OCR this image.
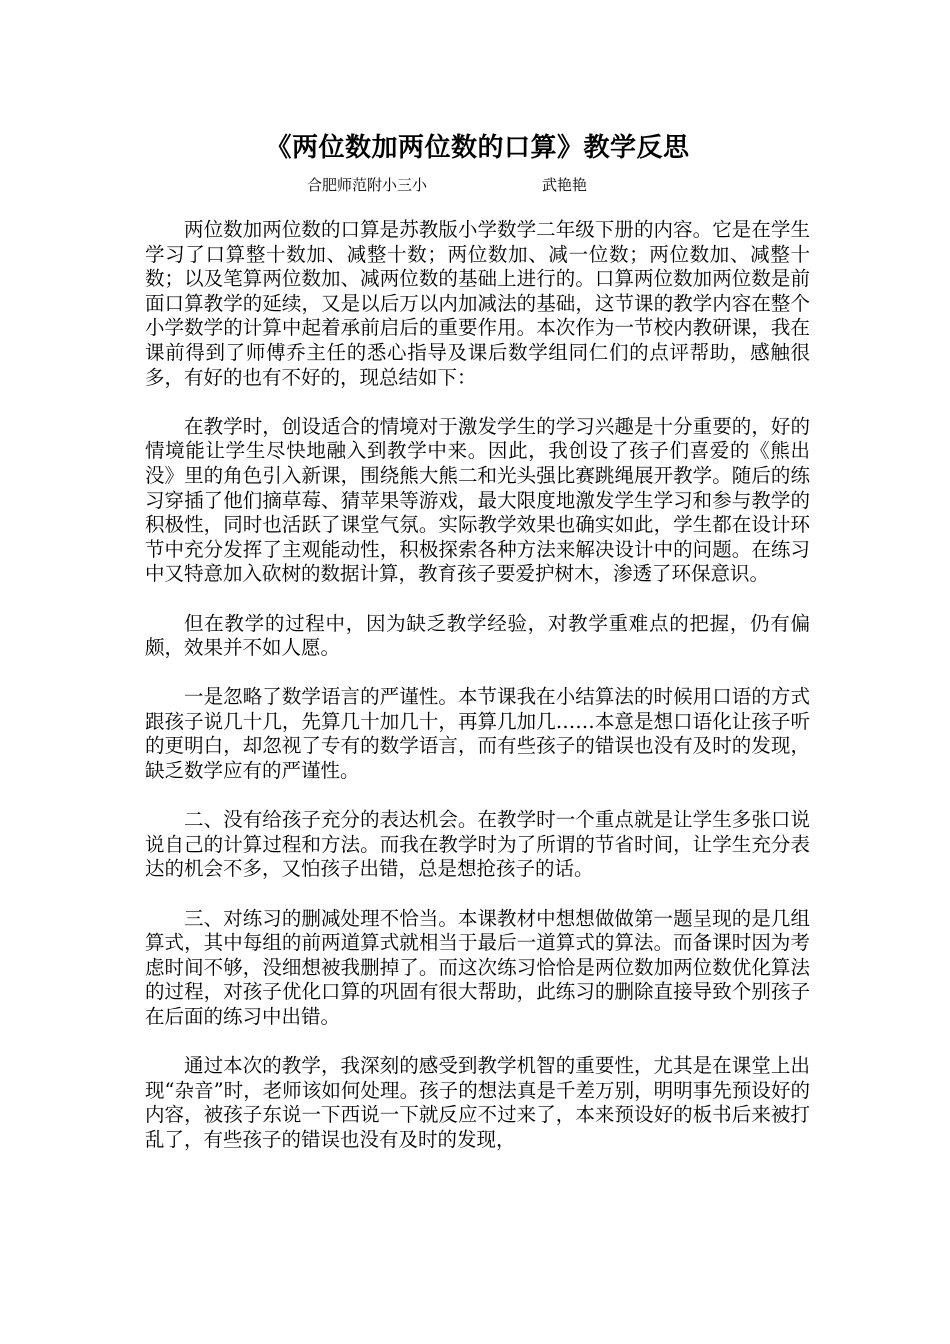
《两位数加两位数的口算》教学反思
合肥师范附小三小	武艳艳

两位数加两位数的口算是苏教版小学数学二年级下册的内容。它是在学生学习了口算整十数加、减整十数；两位数加、减一位数；两位数加、减整十数；以及笔算两位数加、减两位数的基础上进行的。口算两位数加两位数是前面口算教学的延续，又是以后万以内加减法的基础，这节课的教学内容在整个小学数学的计算中起着承前启后的重要作用。本次作为一节校内教研课，我在课前得到了师傅乔主任的悉心指导及课后数学组同仁们的点评帮助，感触很多，有好的也有不好的，现总结如下：

在教学时，创设适合的情境对于激发学生的学习兴趣是十分重要的，好的情境能让学生尽快地融入到教学中来。因此，我创设了孩子们喜爱的《熊出没》里的角色引入新课，围绕熊大熊二和光头强比赛跳绳展开教学。随后的练习穿插了他们摘草莓、猜苹果等游戏，最大限度地激发学生学习和参与教学的积极性，同时也活跃了课堂气氛。实际教学效果也确实如此，学生都在设计环节中充分发挥了主观能动性，积极探索各种方法来解决设计中的问题。在练习中又特意加入砍树的数据计算，教育孩子要爱护树木，渗透了环保意识。

但在教学的过程中，因为缺乏教学经验，对教学重难点的把握，仍有偏颇，效果并不如人愿。

一是忽略了数学语言的严谨性。本节课我在小结算法的时候用口语的方式跟孩子说几十几，先算几十加几十，再算几加几……本意是想口语化让孩子听的更明白，却忽视了专有的数学语言，而有些孩子的错误也没有及时的发现，缺乏数学应有的严谨性。

二、没有给孩子充分的表达机会。在教学时一个重点就是让学生多张口说说自己的计算过程和方法。而我在教学时为了所谓的节省时间，让学生充分表达的机会不多，又怕孩子出错，总是想抢孩子的话。

三、对练习的删减处理不恰当。本课教材中想想做做第一题呈现的是几组算式，其中每组的前两道算式就相当于最后一道算式的算法。而备课时因为考虑时间不够，没细想被我删掉了。而这次练习恰恰是两位数加两位数优化算法的过程，对孩子优化口算的巩固有很大帮助，此练习的删除直接导致个别孩子在后面的练习中出错。

通过本次的教学，我深刻的感受到教学机智的重要性，尤其是在课堂上出现“杂音”时，老师该如何处理。孩子的想法真是千差万别，明明事先预设好的内容，被孩子东说一下西说一下就反应不过来了，本来预设好的板书后来被打乱了，有些孩子的错误也没有及时的发现，
